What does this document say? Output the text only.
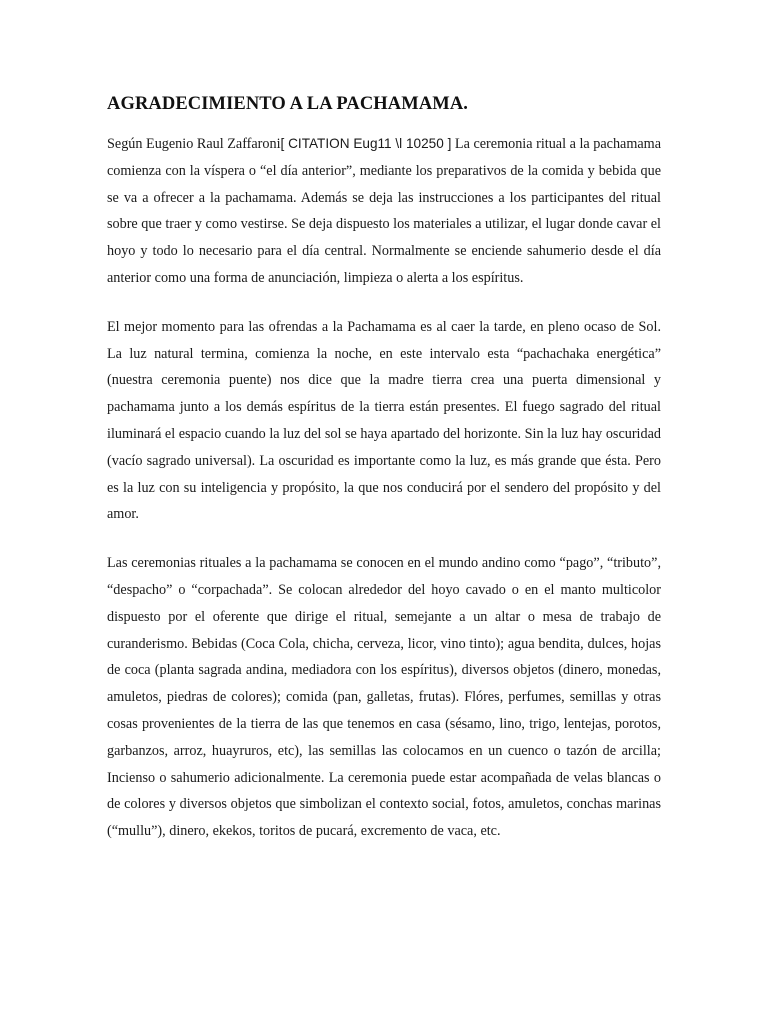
AGRADECIMIENTO A LA PACHAMAMA.

Según Eugenio Raul Zaffaroni[ CITATION Eug11 \l 10250 ] La ceremonia ritual a la pachamama comienza con la víspera o “el día anterior”, mediante los preparativos de la comida y bebida que se va a ofrecer a la pachamama. Además se deja las instrucciones a los participantes del ritual sobre que traer y como vestirse. Se deja dispuesto los materiales a utilizar, el lugar donde cavar el hoyo y todo lo necesario para el día central. Normalmente se enciende sahumerio desde el día anterior como una forma de anunciación, limpieza o alerta a los espíritus.

El mejor momento para las ofrendas a la Pachamama es al caer la tarde, en pleno ocaso de Sol. La luz natural termina, comienza la noche, en este intervalo esta “pachachaka energética” (nuestra ceremonia puente) nos dice que la madre tierra crea una puerta dimensional y pachamama junto a los demás espíritus de la tierra están presentes. El fuego sagrado del ritual iluminará el espacio cuando la luz del sol se haya apartado del horizonte. Sin la luz hay oscuridad (vacío sagrado universal). La oscuridad es importante como la luz, es más grande que ésta. Pero es la luz con su inteligencia y propósito, la que nos conducirá por el sendero del propósito y del amor.

Las ceremonias rituales a la pachamama se conocen en el mundo andino como “pago”, “tributo”, “despacho” o “corpachada”. Se colocan alrededor del hoyo cavado o en el manto multicolor dispuesto por el oferente que dirige el ritual, semejante a un altar o mesa de trabajo de curanderismo. Bebidas (Coca Cola, chicha, cerveza, licor, vino tinto); agua bendita, dulces, hojas de coca (planta sagrada andina, mediadora con los espíritus), diversos objetos (dinero, monedas, amuletos, piedras de colores); comida (pan, galletas, frutas). Flóres, perfumes, semillas y otras cosas provenientes de la tierra de las que tenemos en casa (sésamo, lino, trigo, lentejas, porotos, garbanzos, arroz, huayruros, etc), las semillas las colocamos en un cuenco o tazón de arcilla; Incienso o sahumerio adicionalmente. La ceremonia puede estar acompañada de velas blancas o de colores y diversos objetos que simbolizan el contexto social, fotos, amuletos, conchas marinas (“mullu”), dinero, ekekos, toritos de pucará, excremento de vaca, etc.
